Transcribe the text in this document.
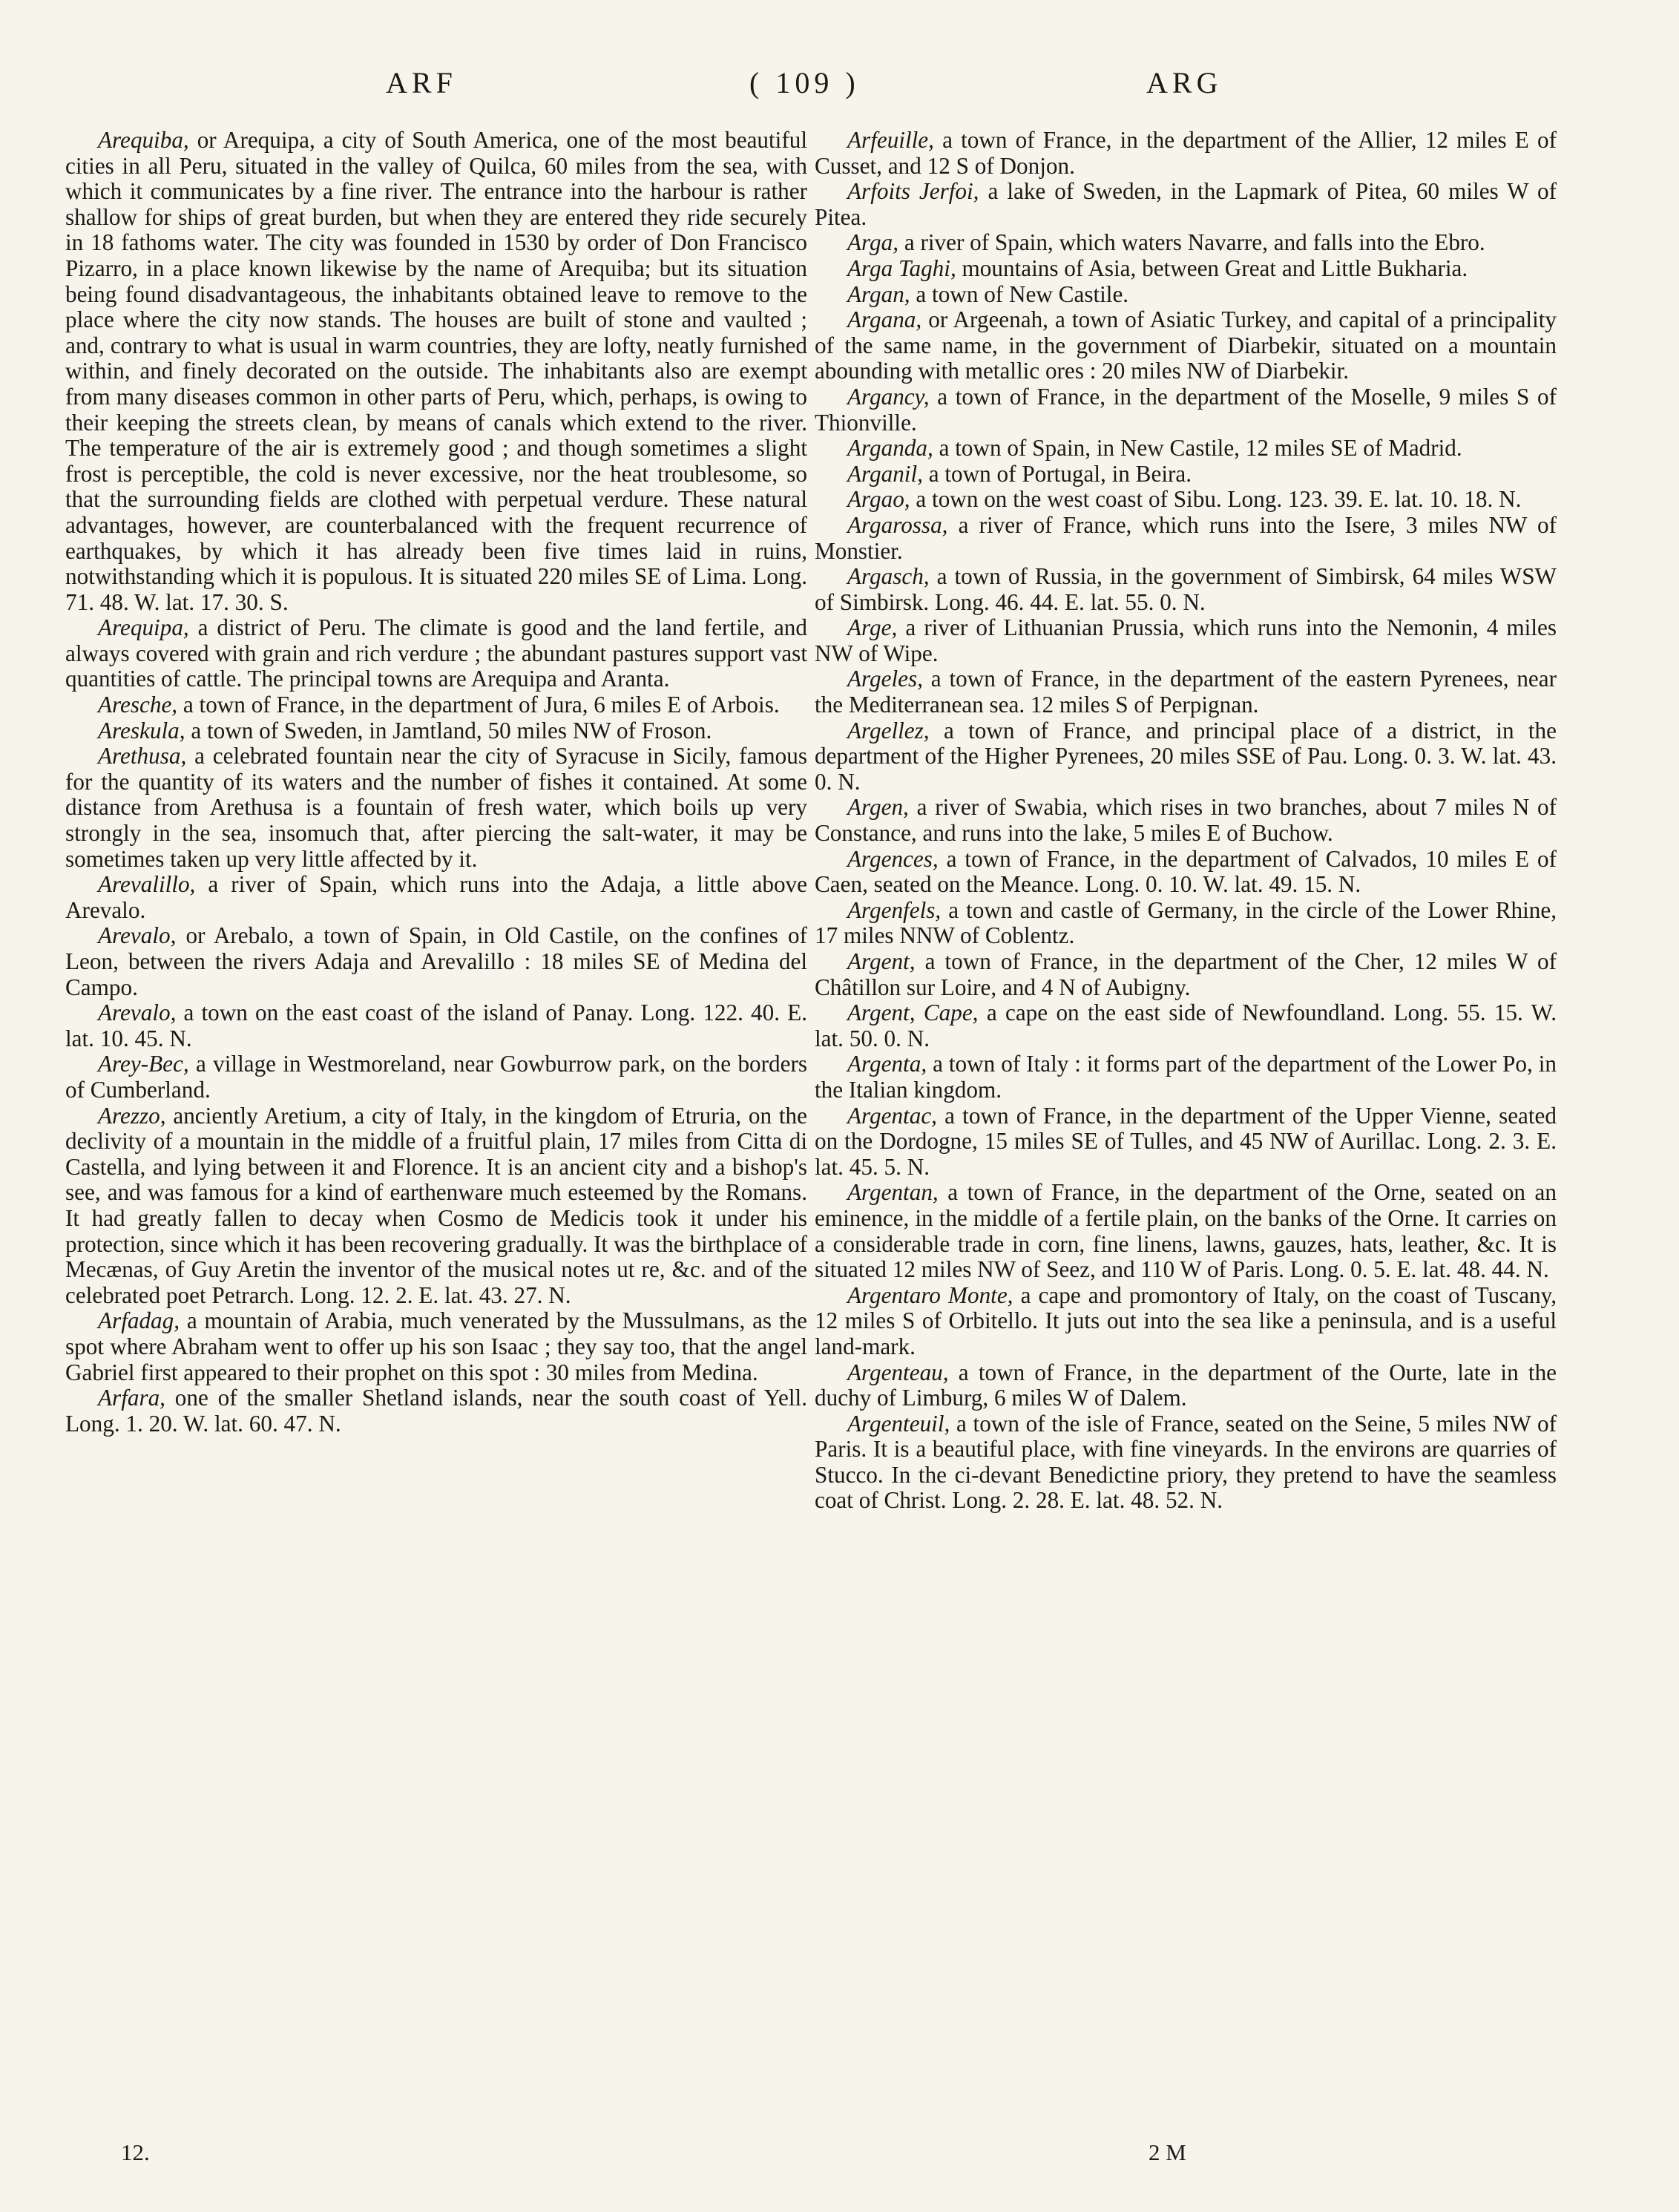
ARF	( 109 )	ARG

Arequiba, or Arequipa, a city of South America, one of the most beautiful cities in all Peru, situated in the valley of Quilca, 60 miles from the sea, with which it communicates by a fine river. The entrance into the harbour is rather shallow for ships of great burden, but when they are entered they ride securely in 18 fathoms water. The city was founded in 1530 by order of Don Francisco Pizarro, in a place known likewise by the name of Arequiba; but its situation being found disadvantageous, the inhabitants obtained leave to remove to the place where the city now stands. The houses are built of stone and vaulted ; and, contrary to what is usual in warm countries, they are lofty, neatly furnished within, and finely decorated on the outside. The inhabitants also are exempt from many diseases common in other parts of Peru, which, perhaps, is owing to their keeping the streets clean, by means of canals which extend to the river. The temperature of the air is extremely good ; and though sometimes a slight frost is perceptible, the cold is never excessive, nor the heat troublesome, so that the surrounding fields are clothed with perpetual verdure. These natural advantages, however, are counterbalanced with the frequent recurrence of earthquakes, by which it has already been five times laid in ruins, notwithstanding which it is populous. It is situated 220 miles SE of Lima. Long. 71. 48. W. lat. 17. 30. S.

Arequipa, a district of Peru. The climate is good and the land fertile, and always covered with grain and rich verdure ; the abundant pastures support vast quantities of cattle. The principal towns are Arequipa and Aranta.

Aresche, a town of France, in the department of Jura, 6 miles E of Arbois.

Areskula, a town of Sweden, in Jamtland, 50 miles NW of Froson.

Arethusa, a celebrated fountain near the city of Syracuse in Sicily, famous for the quantity of its waters and the number of fishes it contained. At some distance from Arethusa is a fountain of fresh water, which boils up very strongly in the sea, insomuch that, after piercing the salt-water, it may be sometimes taken up very little affected by it.

Arevalillo, a river of Spain, which runs into the Adaja, a little above Arevalo.

Arevalo, or Arebalo, a town of Spain, in Old Castile, on the confines of Leon, between the rivers Adaja and Arevalillo : 18 miles SE of Medina del Campo.

Arevalo, a town on the east coast of the island of Panay. Long. 122. 40. E. lat. 10. 45. N.

Arey-Bec, a village in Westmoreland, near Gowburrow park, on the borders of Cumberland.

Arezzo, anciently Aretium, a city of Italy, in the kingdom of Etruria, on the declivity of a mountain in the middle of a fruitful plain, 17 miles from Citta di Castella, and lying between it and Florence. It is an ancient city and a bishop's see, and was famous for a kind of earthenware much esteemed by the Romans. It had greatly fallen to decay when Cosmo de Medicis took it under his protection, since which it has been recovering gradually. It was the birthplace of Mecænas, of Guy Aretin the inventor of the musical notes ut re, &c. and of the celebrated poet Petrarch. Long. 12. 2. E. lat. 43. 27. N.

Arfadag, a mountain of Arabia, much venerated by the Mussulmans, as the spot where Abraham went to offer up his son Isaac ; they say too, that the angel Gabriel first appeared to their prophet on this spot : 30 miles from Medina.

Arfara, one of the smaller Shetland islands, near the south coast of Yell. Long. 1. 20. W. lat. 60. 47. N.

Arfeuille, a town of France, in the department of the Allier, 12 miles E of Cusset, and 12 S of Donjon.

Arfoits Jerfoi, a lake of Sweden, in the Lapmark of Pitea, 60 miles W of Pitea.

Arga, a river of Spain, which waters Navarre, and falls into the Ebro.

Arga Taghi, mountains of Asia, between Great and Little Bukharia.

Argan, a town of New Castile.

Argana, or Argeenah, a town of Asiatic Turkey, and capital of a principality of the same name, in the government of Diarbekir, situated on a mountain abounding with metallic ores : 20 miles NW of Diarbekir.

Argancy, a town of France, in the department of the Moselle, 9 miles S of Thionville.

Arganda, a town of Spain, in New Castile, 12 miles SE of Madrid.

Arganil, a town of Portugal, in Beira.

Argao, a town on the west coast of Sibu. Long. 123. 39. E. lat. 10. 18. N.

Argarossa, a river of France, which runs into the Isere, 3 miles NW of Monstier.

Argasch, a town of Russia, in the government of Simbirsk, 64 miles WSW of Simbirsk. Long. 46. 44. E. lat. 55. 0. N.

Arge, a river of Lithuanian Prussia, which runs into the Nemonin, 4 miles NW of Wipe.

Argeles, a town of France, in the department of the eastern Pyrenees, near the Mediterranean sea. 12 miles S of Perpignan.

Argellez, a town of France, and principal place of a district, in the department of the Higher Pyrenees, 20 miles SSE of Pau. Long. 0. 3. W. lat. 43. 0. N.

Argen, a river of Swabia, which rises in two branches, about 7 miles N of Constance, and runs into the lake, 5 miles E of Buchow.

Argences, a town of France, in the department of Calvados, 10 miles E of Caen, seated on the Meance. Long. 0. 10. W. lat. 49. 15. N.

Argenfels, a town and castle of Germany, in the circle of the Lower Rhine, 17 miles NNW of Coblentz.

Argent, a town of France, in the department of the Cher, 12 miles W of Châtillon sur Loire, and 4 N of Aubigny.

Argent, Cape, a cape on the east side of Newfoundland. Long. 55. 15. W. lat. 50. 0. N.

Argenta, a town of Italy : it forms part of the department of the Lower Po, in the Italian kingdom.

Argentac, a town of France, in the department of the Upper Vienne, seated on the Dordogne, 15 miles SE of Tulles, and 45 NW of Aurillac. Long. 2. 3. E. lat. 45. 5. N.

Argentan, a town of France, in the department of the Orne, seated on an eminence, in the middle of a fertile plain, on the banks of the Orne. It carries on a considerable trade in corn, fine linens, lawns, gauzes, hats, leather, &c. It is situated 12 miles NW of Seez, and 110 W of Paris. Long. 0. 5. E. lat. 48. 44. N.

Argentaro Monte, a cape and promontory of Italy, on the coast of Tuscany, 12 miles S of Orbitello. It juts out into the sea like a peninsula, and is a useful land-mark.

Argenteau, a town of France, in the department of the Ourte, late in the duchy of Limburg, 6 miles W of Dalem.

Argenteuil, a town of the isle of France, seated on the Seine, 5 miles NW of Paris. It is a beautiful place, with fine vineyards. In the environs are quarries of Stucco. In the ci-devant Benedictine priory, they pretend to have the seamless coat of Christ. Long. 2. 28. E. lat. 48. 52. N.

12.	2 M
